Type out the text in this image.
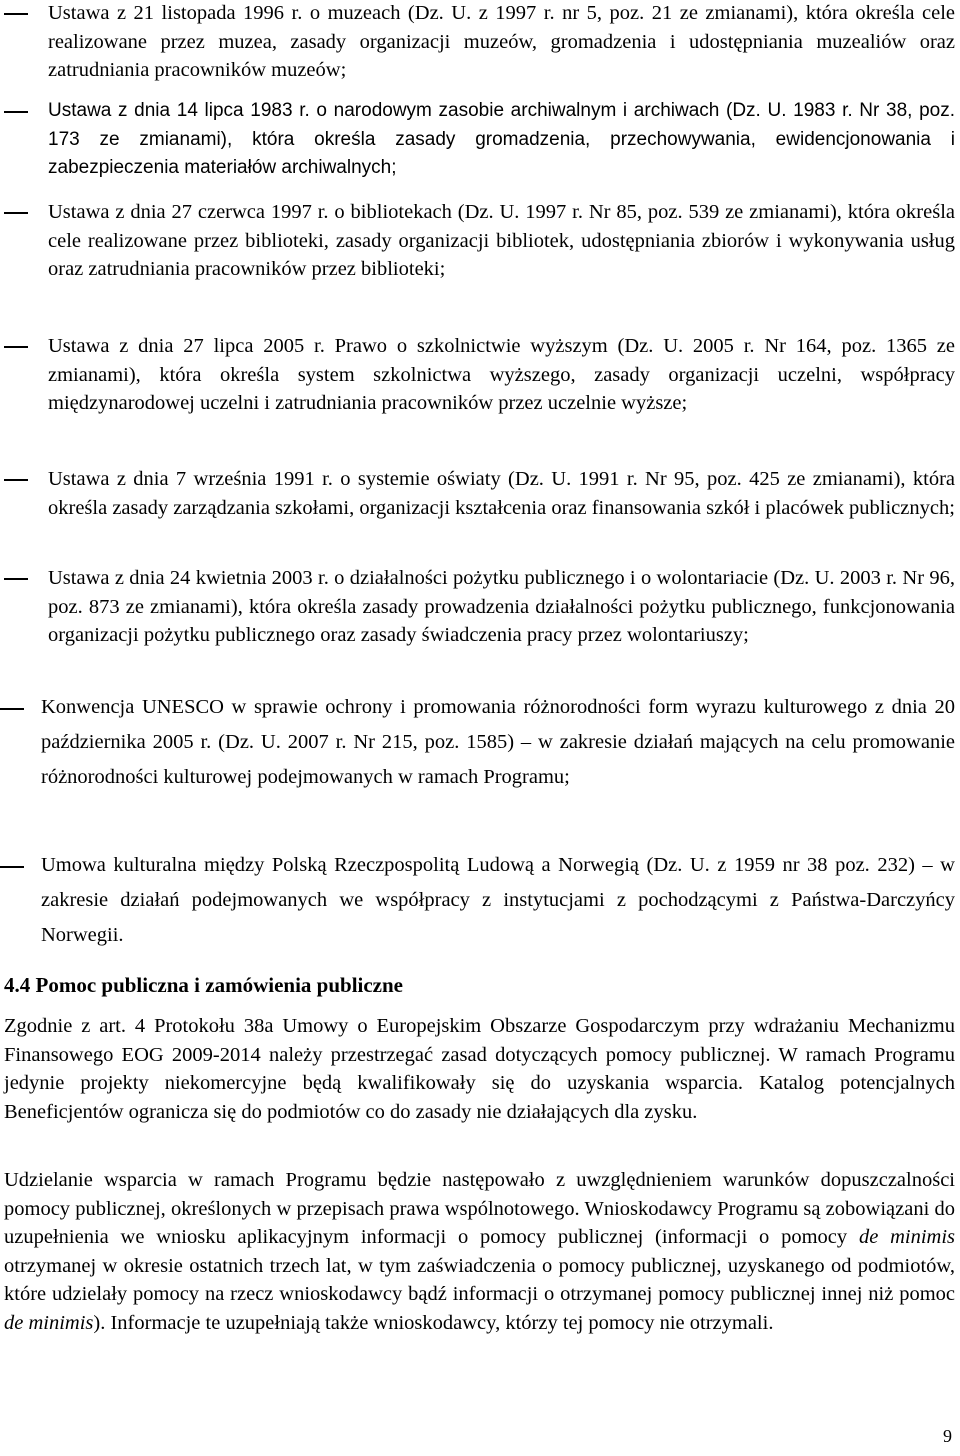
Ustawa z 21 listopada 1996 r. o muzeach (Dz. U. z 1997 r. nr 5, poz. 21 ze zmianami), która określa cele realizowane przez muzea, zasady organizacji muzeów, gromadzenia i udostępniania muzealiów oraz zatrudniania pracowników muzeów;
Ustawa z dnia 14 lipca 1983 r. o narodowym zasobie archiwalnym i archiwach (Dz. U. 1983 r. Nr 38, poz. 173 ze zmianami), która określa zasady gromadzenia, przechowywania, ewidencjonowania i zabezpieczenia materiałów archiwalnych;
Ustawa z dnia 27 czerwca 1997 r. o bibliotekach (Dz. U. 1997 r. Nr 85, poz. 539 ze zmianami), która określa cele realizowane przez biblioteki, zasady organizacji bibliotek, udostępniania zbiorów i wykonywania usług oraz zatrudniania pracowników przez biblioteki;
Ustawa z dnia 27 lipca 2005 r. Prawo o szkolnictwie wyższym (Dz. U. 2005 r. Nr 164, poz. 1365 ze zmianami), która określa system szkolnictwa wyższego, zasady organizacji uczelni, współpracy międzynarodowej uczelni i zatrudniania pracowników przez uczelnie wyższe;
Ustawa z dnia 7 września 1991 r. o systemie oświaty (Dz. U. 1991 r. Nr 95, poz. 425 ze zmianami), która określa zasady zarządzania szkołami, organizacji kształcenia oraz finansowania szkół i placówek publicznych;
Ustawa z dnia 24 kwietnia 2003 r. o działalności pożytku publicznego i o wolontariacie (Dz. U. 2003 r. Nr 96, poz. 873 ze zmianami), która określa zasady prowadzenia działalności pożytku publicznego, funkcjonowania organizacji pożytku publicznego oraz zasady świadczenia pracy przez wolontariuszy;
Konwencja UNESCO w sprawie ochrony i promowania różnorodności form wyrazu kulturowego z dnia 20 października 2005 r. (Dz. U. 2007 r. Nr 215, poz. 1585) – w zakresie działań mających na celu promowanie różnorodności kulturowej podejmowanych w ramach Programu;
Umowa kulturalna między Polską Rzeczpospolitą Ludową a Norwegią (Dz. U. z 1959 nr 38 poz. 232) – w zakresie działań podejmowanych we współpracy z instytucjami z pochodzącymi z Państwa-Darczyńcy Norwegii.
4.4 Pomoc publiczna i zamówienia publiczne
Zgodnie z art. 4 Protokołu 38a Umowy o Europejskim Obszarze Gospodarczym przy wdrażaniu Mechanizmu Finansowego EOG 2009-2014 należy przestrzegać zasad dotyczących pomocy publicznej. W ramach Programu jedynie projekty niekomercyjne będą kwalifikowały się do uzyskania wsparcia. Katalog potencjalnych Beneficjentów ogranicza się do podmiotów co do zasady nie działających dla zysku.
Udzielanie wsparcia w ramach Programu będzie następowało z uwzględnieniem warunków dopuszczalności pomocy publicznej, określonych w przepisach prawa wspólnotowego. Wnioskodawcy Programu są zobowiązani do uzupełnienia we wniosku aplikacyjnym informacji o pomocy publicznej (informacji o pomocy de minimis otrzymanej w okresie ostatnich trzech lat, w tym zaświadczenia o pomocy publicznej, uzyskanego od podmiotów, które udzielały pomocy na rzecz wnioskodawcy bądź informacji o otrzymanej pomocy publicznej innej niż pomoc de minimis). Informacje te uzupełniają także wnioskodawcy, którzy tej pomocy nie otrzymali.
9
